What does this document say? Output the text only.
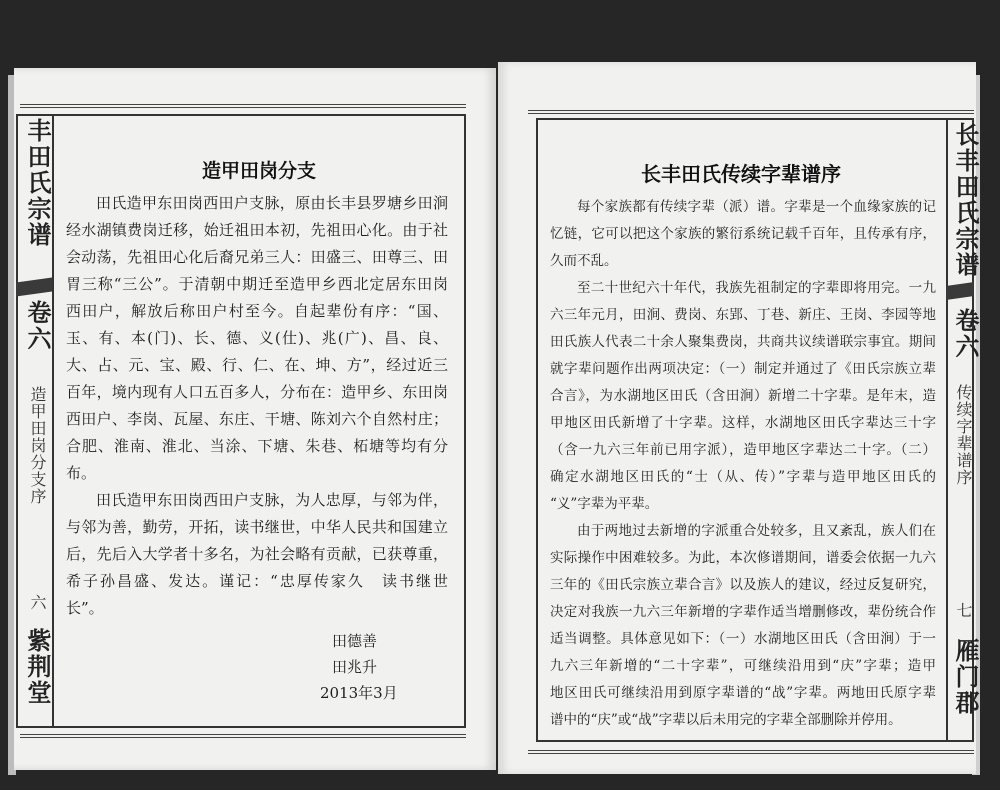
丰田氏宗谱
卷六
造甲田岗分支序
六
紫荆堂
造甲田岗分支
田氏造甲东田岗西田户支脉，原由长丰县罗塘乡田涧
经水湖镇费岗迁移，始迁祖田本初，先祖田心化。由于社
会动荡，先祖田心化后裔兄弟三人：田盛三、田尊三、田
胃三称“三公”。于清朝中期迁至造甲乡西北定居东田岗
西田户，解放后称田户村至今。自起辈份有序：“国、
玉、有、本(门)、长、德、义(仕)、兆(广)、昌、良、
大、占、元、宝、殿、行、仁、在、坤、方”，经过近三
百年，境内现有人口五百多人，分布在：造甲乡、东田岗
西田户、李岗、瓦屋、东庄、干塘、陈刘六个自然村庄；
合肥、淮南、淮北、当涂、下塘、朱巷、柘塘等均有分
布。
田氏造甲东田岗西田户支脉，为人忠厚，与邻为伴，
与邻为善，勤劳，开拓，读书继世，中华人民共和国建立
后，先后入大学者十多名，为社会略有贡献，已获尊重，
希子孙昌盛、发达。谨记：“忠厚传家久　读书继世
长”。
田德善
田兆升
2013年3月
长丰田氏宗谱
卷六
传续字辈谱序
七
雁门郡
长丰田氏传续字辈谱序
每个家族都有传续字辈（派）谱。字辈是一个血缘家族的记
忆链，它可以把这个家族的繁衍系统记载千百年，且传承有序，
久而不乱。
至二十世纪六十年代，我族先祖制定的字辈即将用完。一九
六三年元月，田涧、费岗、东郢、丁巷、新庄、王岗、李园等地
田氏族人代表二十余人聚集费岗，共商共议续谱联宗事宜。期间
就字辈问题作出两项决定：（一）制定并通过了《田氏宗族立辈
合言》，为水湖地区田氏（含田涧）新增二十字辈。是年末，造
甲地区田氏新增了十字辈。这样，水湖地区田氏字辈达三十字
（含一九六三年前已用字派），造甲地区字辈达二十字。（二）
确定水湖地区田氏的“士（从、传）”字辈与造甲地区田氏的
“义”字辈为平辈。
由于两地过去新增的字派重合处较多，且又紊乱，族人们在
实际操作中困难较多。为此，本次修谱期间，谱委会依据一九六
三年的《田氏宗族立辈合言》以及族人的建议，经过反复研究，
决定对我族一九六三年新增的字辈作适当增删修改，辈份统合作
适当调整。具体意见如下：（一）水湖地区田氏（含田涧）于一
九六三年新增的“二十字辈”，可继续沿用到“庆”字辈；造甲
地区田氏可继续沿用到原字辈谱的“战”字辈。两地田氏原字辈
谱中的“庆”或“战”字辈以后未用完的字辈全部删除并停用。
